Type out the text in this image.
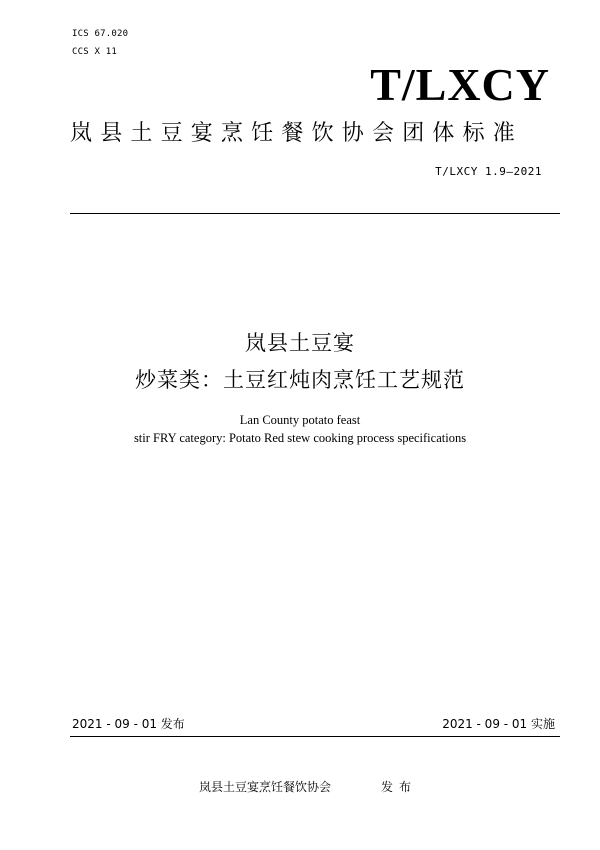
ICS 67.020
CCS X 11
T/LXCY
岚县土豆宴烹饪餐饮协会团体标准
T/LXCY 1.9—2021
岚县土豆宴
炒菜类：土豆红炖肉烹饪工艺规范
Lan County potato feast
stir FRY category: Potato Red stew cooking process specifications
2021 - 09 - 01 发布	2021 - 09 - 01 实施
岚县土豆宴烹饪餐饮协会	发布
